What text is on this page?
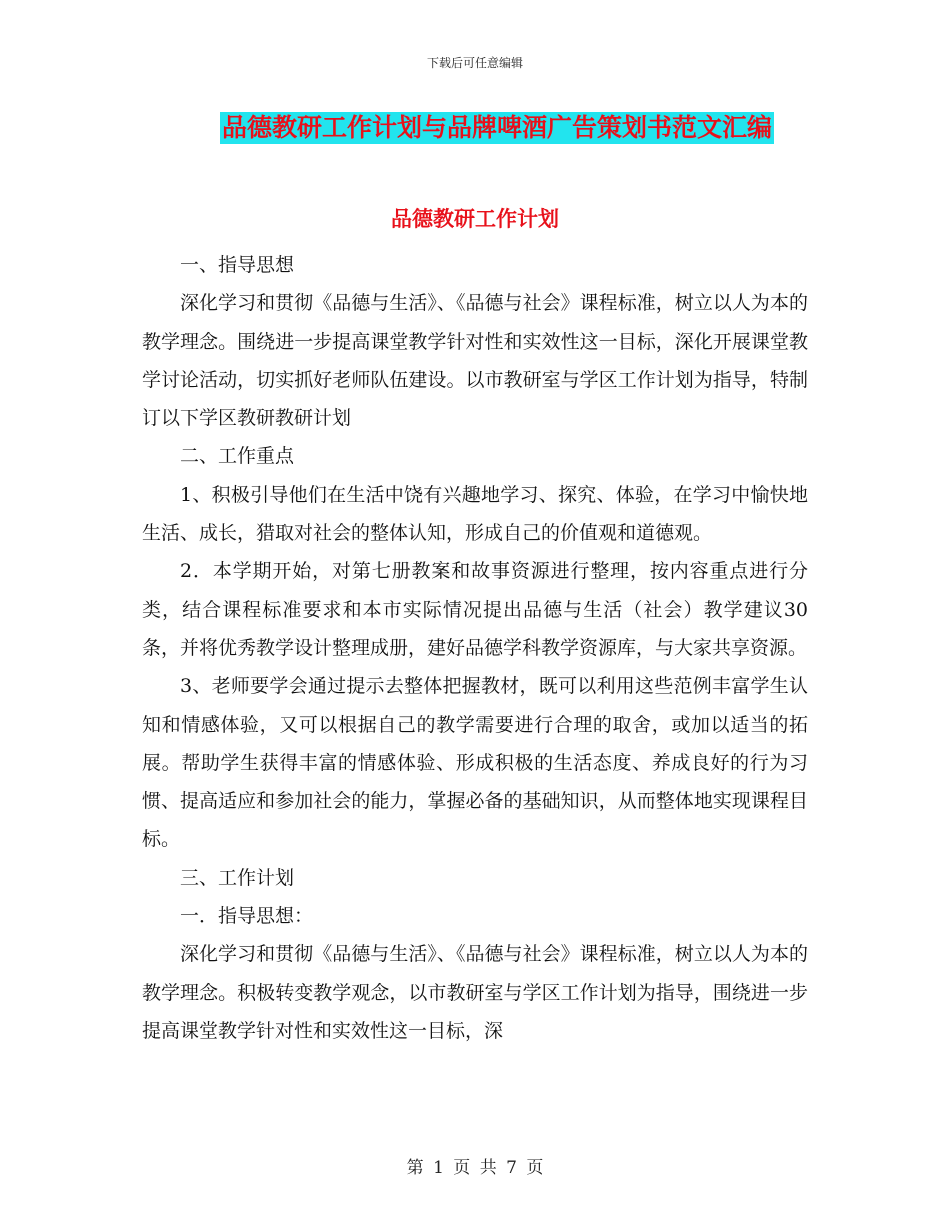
下载后可任意编辑
品德教研工作计划与品牌啤酒广告策划书范文汇编
品德教研工作计划

一、指导思想

深化学习和贯彻《品德与生活》、《品德与社会》课程标准，树立以人为本的教学理念。围绕进一步提高课堂教学针对性和实效性这一目标，深化开展课堂教学讨论活动，切实抓好老师队伍建设。以市教研室与学区工作计划为指导，特制订以下学区教研教研计划

二、工作重点

1、积极引导他们在生活中饶有兴趣地学习、探究、体验，在学习中愉快地生活、成长，猎取对社会的整体认知，形成自己的价值观和道德观。

2．本学期开始，对第七册教案和故事资源进行整理，按内容重点进行分类，结合课程标准要求和本市实际情况提出品德与生活（社会）教学建议30条，并将优秀教学设计整理成册，建好品德学科教学资源库，与大家共享资源。

3、老师要学会通过提示去整体把握教材，既可以利用这些范例丰富学生认知和情感体验，又可以根据自己的教学需要进行合理的取舍，或加以适当的拓展。帮助学生获得丰富的情感体验、形成积极的生活态度、养成良好的行为习惯、提高适应和参加社会的能力，掌握必备的基础知识，从而整体地实现课程目标。

三、工作计划

一．指导思想：

深化学习和贯彻《品德与生活》、《品德与社会》课程标准，树立以人为本的教学理念。积极转变教学观念，以市教研室与学区工作计划为指导，围绕进一步提高课堂教学针对性和实效性这一目标，深

第 1 页 共 7 页
